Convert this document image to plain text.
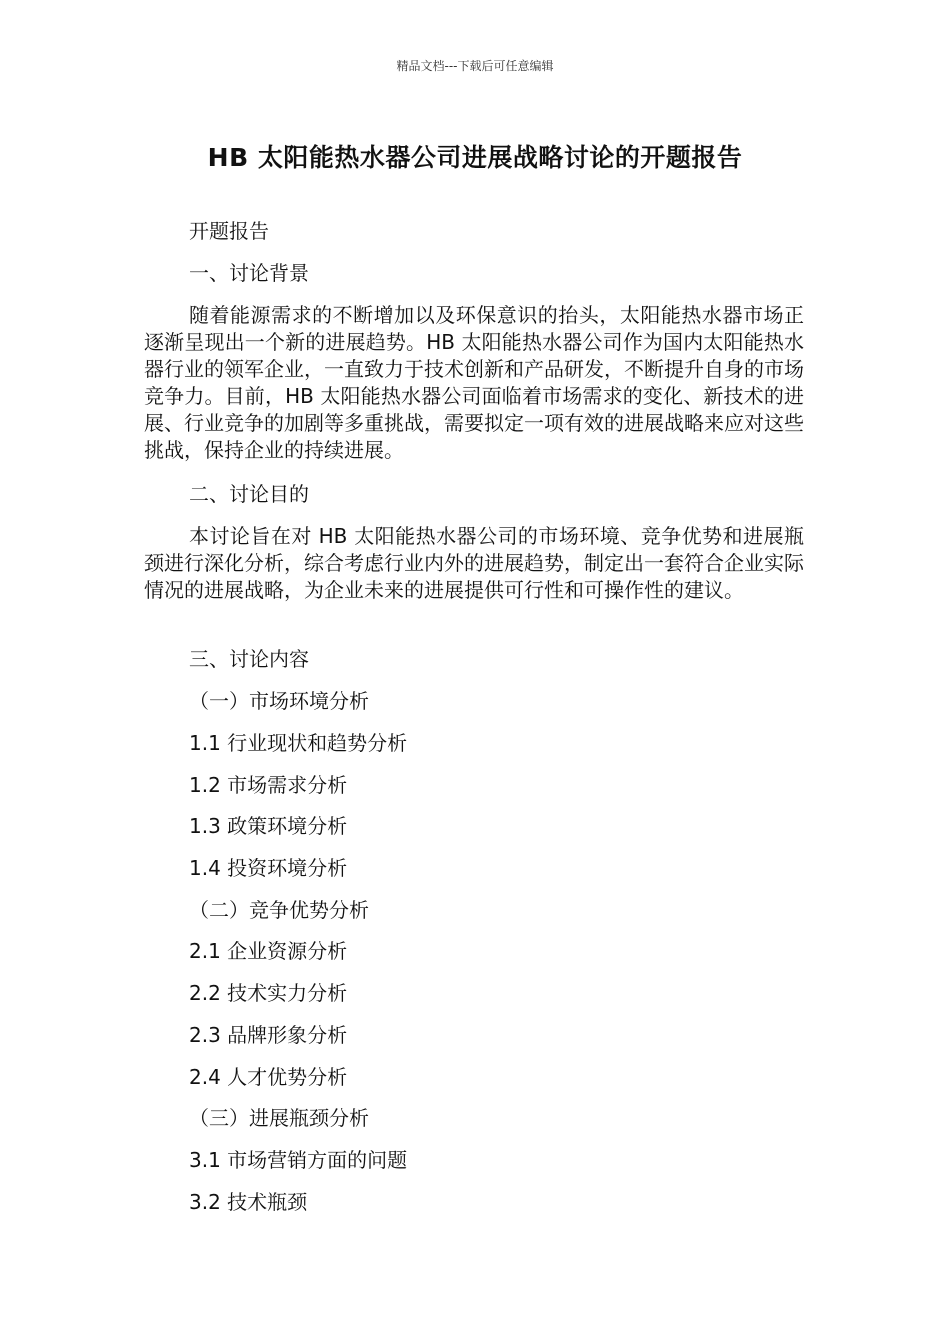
精品文档---下载后可任意编辑
HB 太阳能热水器公司进展战略讨论的开题报告
开题报告
一、讨论背景
随着能源需求的不断增加以及环保意识的抬头，太阳能热水器市场正逐渐呈现出一个新的进展趋势。HB 太阳能热水器公司作为国内太阳能热水器行业的领军企业，一直致力于技术创新和产品研发，不断提升自身的市场竞争力。目前，HB 太阳能热水器公司面临着市场需求的变化、新技术的进展、行业竞争的加剧等多重挑战，需要拟定一项有效的进展战略来应对这些挑战，保持企业的持续进展。
二、讨论目的
本讨论旨在对 HB 太阳能热水器公司的市场环境、竞争优势和进展瓶颈进行深化分析，综合考虑行业内外的进展趋势，制定出一套符合企业实际情况的进展战略，为企业未来的进展提供可行性和可操作性的建议。
三、讨论内容
（一）市场环境分析
1.1 行业现状和趋势分析
1.2 市场需求分析
1.3 政策环境分析
1.4 投资环境分析
（二）竞争优势分析
2.1 企业资源分析
2.2 技术实力分析
2.3 品牌形象分析
2.4 人才优势分析
（三）进展瓶颈分析
3.1 市场营销方面的问题
3.2 技术瓶颈
